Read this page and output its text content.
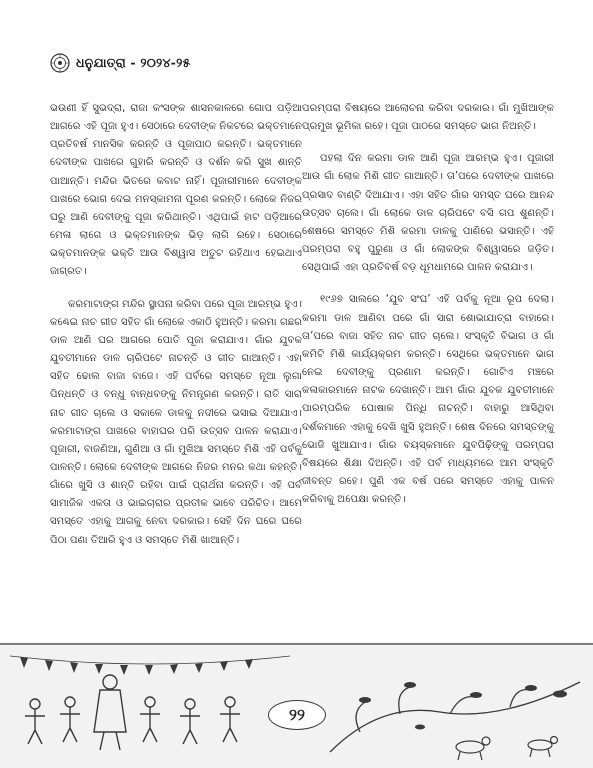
ଧନୁଯାତ୍ରା - ୨୦୨୪-୨୫

ଭଉଣୀ ହିଁ ସୁଭଦ୍ରା, ରାଜା କଂସଙ୍କ ଶାସନକାଳରେ ଗୋପ ପଡ଼ିଆ ଆଗରେ ଏହି ପୂଜା ହୁଏ। ସେଠାରେ ଦେବୀଙ୍କ ନିକଟରେ ଭକ୍ତମାନେ ପ୍ରତିବର୍ଷ ମାନସିକ କରନ୍ତି ଓ ପୂଜାପାଠ କରନ୍ତି। ଭକ୍ତମାନେ ଦେବୀଙ୍କ ପାଖରେ ଗୁହାରି କରନ୍ତି ଓ ଦର୍ଶନ କରି ସୁଖ ଶାନ୍ତି ପାଆନ୍ତି। ମନ୍ଦିର ଭିତରେ କବାଟ ନାହିଁ। ପୂଜାରୀମାନେ ଦେବୀଙ୍କ ପାଖରେ ଭୋଗ ଦେଇ ମନସ୍କାମନା ପୂରଣ କରନ୍ତି। ଲୋକେ ନିଜର ଘରୁ ଆଣି ଦେବୀଙ୍କୁ ପୂଜା କରିଥାନ୍ତି। ଏଥିପାଇଁ ହାଟ ପଡ଼ିଆରେ ମେଳା ଲାଗେ ଓ ଭକ୍ତମାନଙ୍କ ଭିଡ଼ ଲାଗି ରହେ। ସେଠାରେ ଭକ୍ତମାନଙ୍କ ଭକ୍ତି ଆଉ ବିଶ୍ୱାସ ଅତୁଟ ରହିଥାଏ ହେଇଥାଏ ଜାଗ୍ରତ।

କରମାଟାଙ୍ଗ ମନ୍ଦିର ସ୍ଥାପନା କରିବା ପରେ ପୂଜା ଆରମ୍ଭ ହୁଏ। କଣ୍ଢେଇ ନାଚ ଗୀତ ସହିତ ଗାଁ ଲୋକେ ଏକାଠି ହୁଅନ୍ତି। କରମା ଗଛର ଡାଳ ଆଣି ଘର ଆଗରେ ପୋତି ପୂଜା କରାଯାଏ। ଗାଁର ଯୁବକ ଯୁବତୀମାନେ ଡାଳ ଚାରିପଟେ ନାଚନ୍ତି ଓ ଗୀତ ଗାଆନ୍ତି। ଏହା ସହିତ ଢୋଲ ବାଜା ବାଜେ। ଏହି ପର୍ବରେ ସମସ୍ତେ ନୂଆ ଲୁଗା ପିନ୍ଧନ୍ତି ଓ ବନ୍ଧୁ ବାନ୍ଧବଙ୍କୁ ନିମନ୍ତ୍ରଣ କରନ୍ତି। ରାତି ସାରା ନାଚ ଗୀତ ଚାଲେ ଓ ସକାଳେ ଡାଳକୁ ନଦୀରେ ଭସାଇ ଦିଆଯାଏ। କରମାଟାଙ୍ଗ ପାଖରେ ବାହାଘର ପରି ଉତ୍ସବ ପାଳନ କରାଯାଏ। ପୂଜାରୀ, ବାଜଣିଆ, ଗୁଣିଆ ଓ ଗାଁ ମୁଖିଆ ସମସ୍ତେ ମିଶି ଏହି ପର୍ବକୁ ପାଳନ୍ତି। ଲୋକେ ଦେବୀଙ୍କ ଆଗରେ ନିଜର ମନର କଥା କହନ୍ତି। ଗାଁରେ ଖୁସି ଓ ଶାନ୍ତି ରହିବା ପାଇଁ ପ୍ରାର୍ଥନା କରନ୍ତି। ଏହି ପର୍ବ ସାମାଜିକ ଏକତା ଓ ଭାଇଚାରାର ପ୍ରତୀକ ଭାବେ ପରିଚିତ। ଆମେ ସମସ୍ତେ ଏହାକୁ ଆଗକୁ ନେବା ଦରକାର। ସେହି ଦିନ ଘରେ ଘରେ ପିଠା ପଣା ତିଆରି ହୁଏ ଓ ସମସ୍ତେ ମିଶି ଖାଆନ୍ତି।

ପରମ୍ପରା ବିଷୟରେ ଆଲୋଚନା କରିବା ଦରକାର। ଗାଁ ମୁଖିଆଙ୍କ ପ୍ରମୁଖ ଭୂମିକା ରହେ। ପୂଜା ପାଠରେ ସମସ୍ତେ ଭାଗ ନିଅନ୍ତି।

ପହଲା ଦିନ କରମା ଡାଳ ଆଣି ପୂଜା ଆରମ୍ଭ ହୁଏ। ପୂଜାରୀ ଆଉ ଗାଁ ଲୋକ ମିଶି ଗୀତ ଗାଆନ୍ତି। ତା’ପରେ ଦେବୀଙ୍କ ପାଖରେ ପ୍ରସାଦ ବାଣ୍ଟି ଦିଆଯାଏ। ଏହା ସହିତ ଗାଁର ସମସ୍ତ ଘରେ ଆନନ୍ଦ ଉତ୍ସବ ଚାଲେ। ଗାଁ ଲୋକେ ଡାଳ ଚାରିପଟେ ବସି ଗପ ଶୁଣନ୍ତି। ଶେଷରେ ସମସ୍ତେ ମିଶି କରମା ଡାଳକୁ ପାଣିରେ ଭସାନ୍ତି। ଏହି ପରମ୍ପରା ବହୁ ପୁରୁଣା ଓ ଗାଁ ଲୋକଙ୍କ ବିଶ୍ୱାସରେ ଜଡ଼ିତ। ସେଥିପାଇଁ ଏହା ପ୍ରତିବର୍ଷ ବଡ଼ ଧୂମଧାମରେ ପାଳନ କରାଯାଏ।

୧୯୬୭ ସାଲରେ ‘ଯୁବ ସଂଘ’ ଏହି ପର୍ବକୁ ନୂଆ ରୂପ ଦେଲା। କରମା ଡାଳ ଆଣିବା ପରେ ଗାଁ ସାରା ଶୋଭାଯାତ୍ରା ବାହାରେ। ତା’ପରେ ବାଜା ସହିତ ନାଚ ଗୀତ ଚାଲେ। ସଂସ୍କୃତି ବିଭାଗ ଓ ଗାଁ କମିଟି ମିଶି କାର୍ଯ୍ୟକ୍ରମ କରନ୍ତି। ସେଥିରେ ଭକ୍ତମାନେ ଭାଗ ନେଇ ଦେବୀଙ୍କୁ ପ୍ରଣାମ କରନ୍ତି। ଗୋଟିଏ ମଞ୍ଚରେ କଳାକାରମାନେ ନାଟକ ଦେଖାନ୍ତି। ଆମ ଗାଁର ଯୁବକ ଯୁବତୀମାନେ ପାରମ୍ପରିକ ପୋଷାକ ପିନ୍ଧି ନାଚନ୍ତି। ବାହାରୁ ଆସିଥିବା ଦର୍ଶକମାନେ ଏହାକୁ ଦେଖି ଖୁସି ହୁଅନ୍ତି। ଶେଷ ଦିନରେ ସମସ୍ତଙ୍କୁ ଭୋଜି ଖୁଆଯାଏ। ଗାଁର ବୟସ୍କମାନେ ଯୁବପିଢ଼ିଙ୍କୁ ପରମ୍ପରା ବିଷୟରେ ଶିକ୍ଷା ଦିଅନ୍ତି। ଏହି ପର୍ବ ମାଧ୍ୟମରେ ଆମ ସଂସ୍କୃତି ଜୀବନ୍ତ ରହେ। ପୁଣି ଏକ ବର୍ଷ ପରେ ସମସ୍ତେ ଏହାକୁ ପାଳନ କରିବାକୁ ଅପେକ୍ଷା କରନ୍ତି।

୨୨
